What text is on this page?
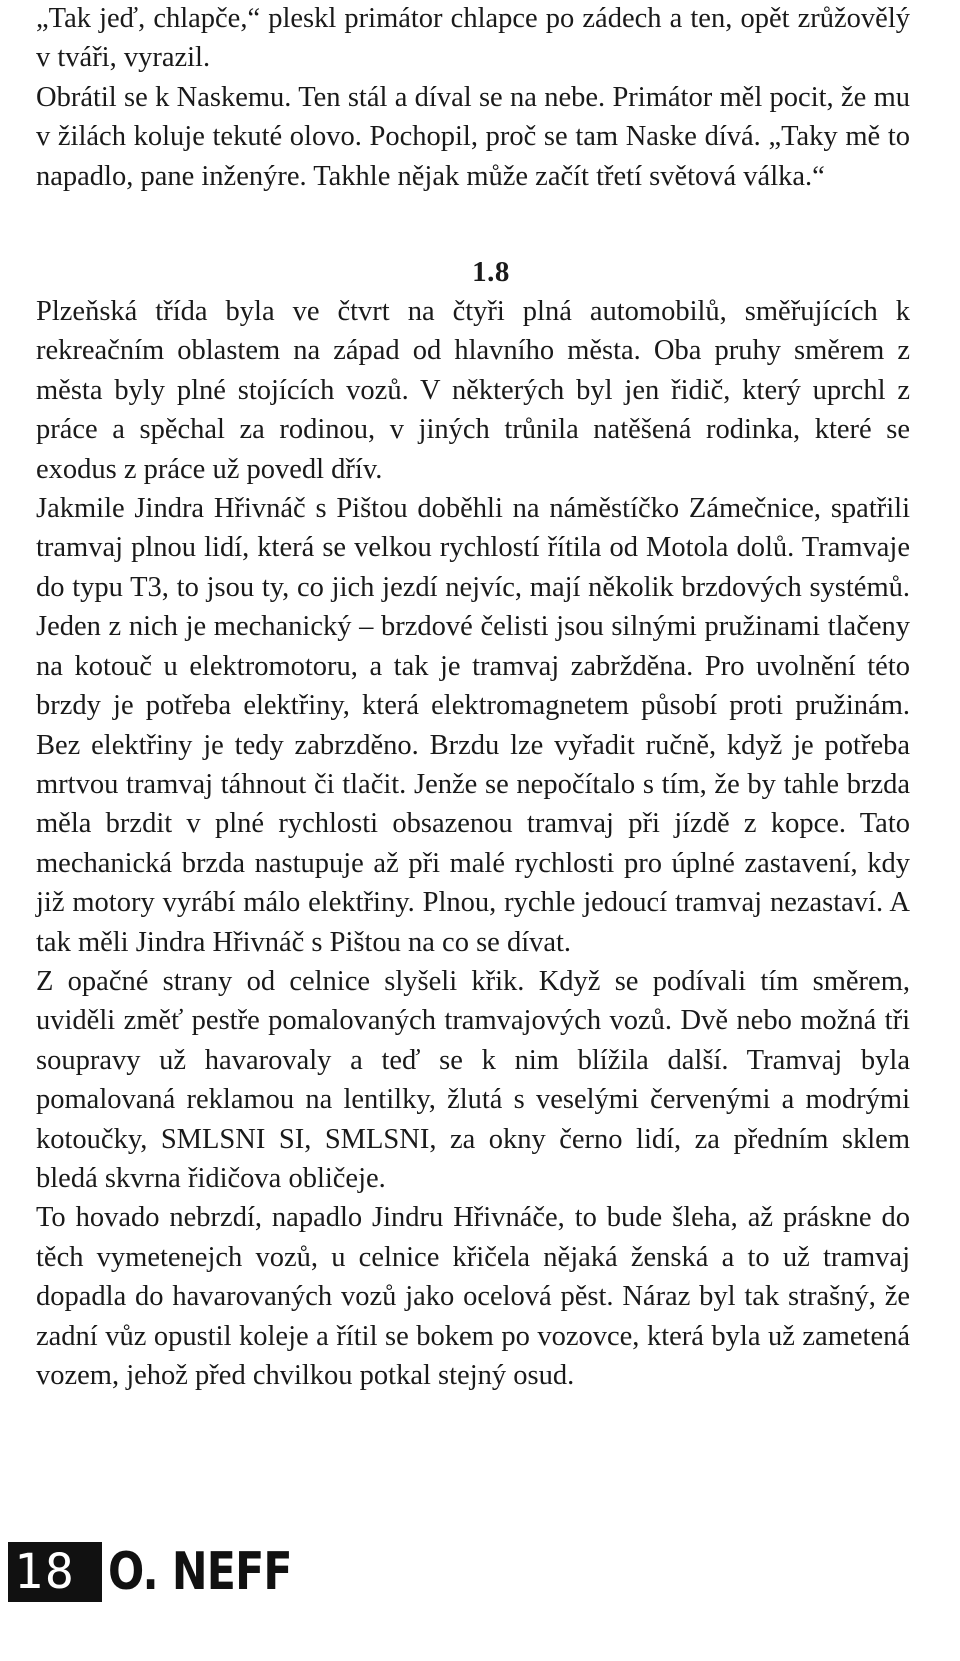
„Tak jeď, chlapče,“ pleskl primátor chlapce po zádech a ten, opět zrůžovělý v tváři, vyrazil.

Obrátil se k Naskemu. Ten stál a díval se na nebe. Primátor měl pocit, že mu v žilách koluje tekuté olovo. Pochopil, proč se tam Naske dívá. „Taky mě to napadlo, pane inženýre. Takhle nějak může začít třetí světová válka.“

1.8

Plzeňská třída byla ve čtvrt na čtyři plná automobilů, směřujících k rekreačním oblastem na západ od hlavního města. Oba pruhy směrem z města byly plné stojících vozů. V některých byl jen řidič, který uprchl z práce a spěchal za rodinou, v jiných trůnila natěšená rodinka, které se exodus z práce už povedl dřív.

Jakmile Jindra Hřivnáč s Pištou doběhli na náměstíčko Zámečnice, spatřili tramvaj plnou lidí, která se velkou rychlostí řítila od Motola dolů. Tramvaje do typu T3, to jsou ty, co jich jezdí nejvíc, mají několik brzdových systémů. Jeden z nich je mechanický – brzdové čelisti jsou silnými pružinami tlačeny na kotouč u elektromotoru, a tak je tramvaj zabržděna. Pro uvolnění této brzdy je potřeba elektřiny, která elektromagnetem působí proti pružinám. Bez elektřiny je tedy zabrzděno. Brzdu lze vyřadit ručně, když je potřeba mrtvou tramvaj táhnout či tlačit. Jenže se nepočítalo s tím, že by tahle brzda měla brzdit v plné rychlosti obsazenou tramvaj při jízdě z kopce. Tato mechanická brzda nastupuje až při malé rychlosti pro úplné zastavení, kdy již motory vyrábí málo elektřiny. Plnou, rychle jedoucí tramvaj nezastaví. A tak měli Jindra Hřivnáč s Pištou na co se dívat.

Z opačné strany od celnice slyšeli křik. Když se podívali tím směrem, uviděli změť pestře pomalovaných tramvajových vozů. Dvě nebo možná tři soupravy už havarovaly a teď se k nim blížila další. Tramvaj byla pomalovaná reklamou na lentilky, žlutá s veselými červenými a modrými kotoučky, SMLSNI SI, SMLSNI, za okny černo lidí, za předním sklem bledá skvrna řidičova obličeje.

To hovado nebrzdí, napadlo Jindru Hřivnáče, to bude šleha, až práskne do těch vymetenejch vozů, u celnice křičela nějaká ženská a to už tramvaj dopadla do havarovaných vozů jako ocelová pěst. Náraz byl tak strašný, že zadní vůz opustil koleje a řítil se bokem po vozovce, která byla už zametená vozem, jehož před chvilkou potkal stejný osud.

18 O. NEFF
